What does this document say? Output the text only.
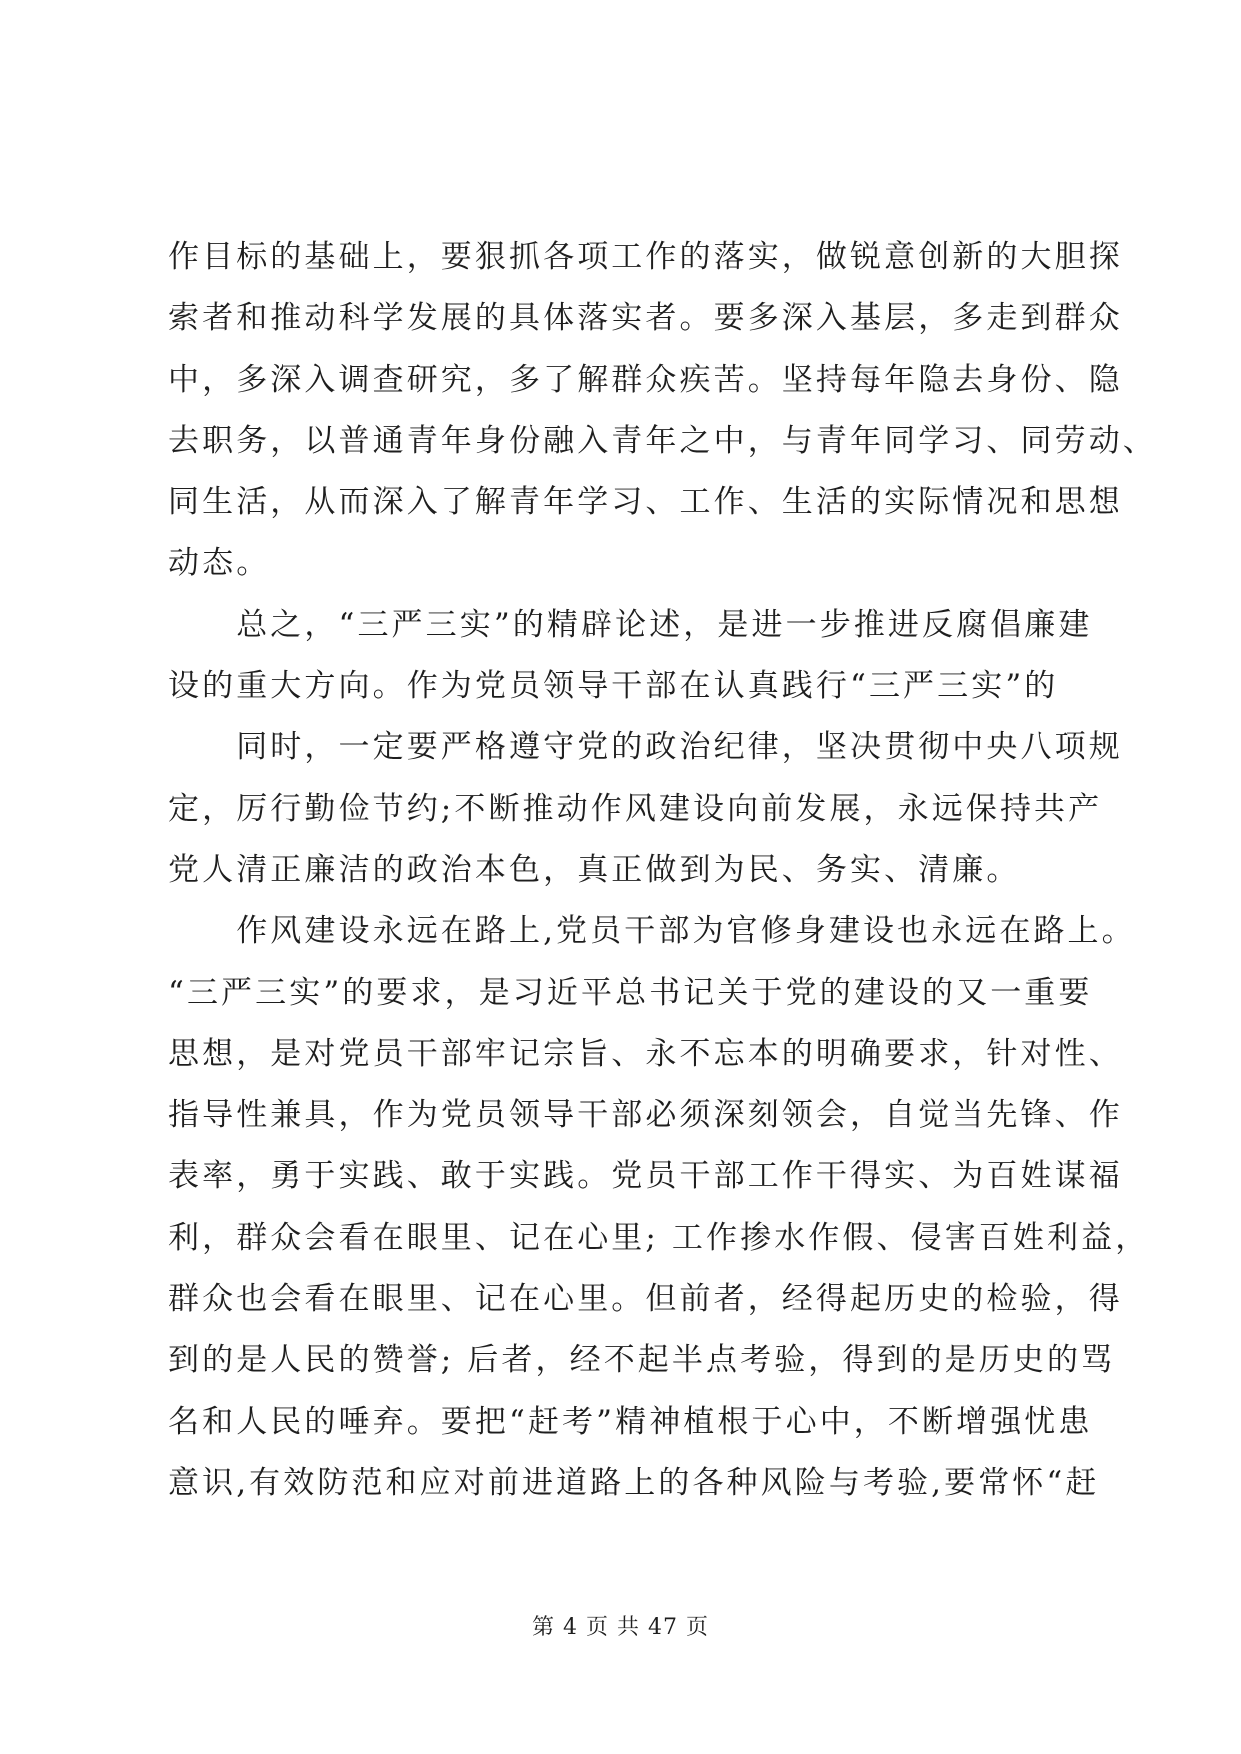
作目标的基础上，要狠抓各项工作的落实，做锐意创新的大胆探
索者和推动科学发展的具体落实者。要多深入基层，多走到群众
中，多深入调查研究，多了解群众疾苦。坚持每年隐去身份、隐
去职务，以普通青年身份融入青年之中，与青年同学习、同劳动、
同生活，从而深入了解青年学习、工作、生活的实际情况和思想
动态。
　　总之，“三严三实”的精辟论述，是进一步推进反腐倡廉建
设的重大方向。作为党员领导干部在认真践行“三严三实”的
　　同时，一定要严格遵守党的政治纪律，坚决贯彻中央八项规
定，厉行勤俭节约;不断推动作风建设向前发展，永远保持共产
党人清正廉洁的政治本色，真正做到为民、务实、清廉。
　　作风建设永远在路上,党员干部为官修身建设也永远在路上。
“三严三实”的要求，是习近平总书记关于党的建设的又一重要
思想，是对党员干部牢记宗旨、永不忘本的明确要求，针对性、
指导性兼具，作为党员领导干部必须深刻领会，自觉当先锋、作
表率，勇于实践、敢于实践。党员干部工作干得实、为百姓谋福
利，群众会看在眼里、记在心里; 工作掺水作假、侵害百姓利益，
群众也会看在眼里、记在心里。但前者，经得起历史的检验，得
到的是人民的赞誉; 后者，经不起半点考验，得到的是历史的骂
名和人民的唾弃。要把“赶考”精神植根于心中，不断增强忧患
意识,有效防范和应对前进道路上的各种风险与考验,要常怀“赶
第 4 页 共 47 页
